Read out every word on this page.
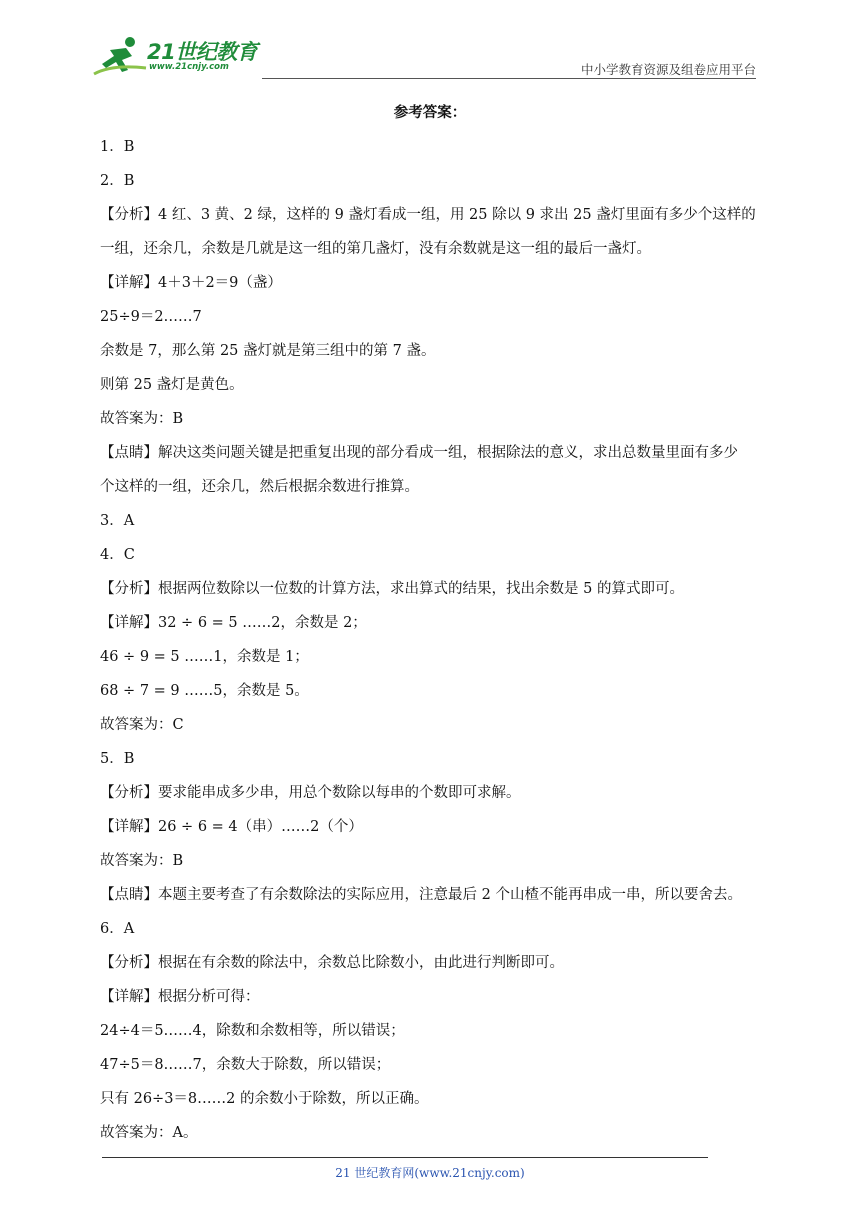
21世纪教育
www.21cnjy.com	中小学教育资源及组卷应用平台
参考答案：
1．B
2．B
【分析】4 红、3 黄、2 绿，这样的 9 盏灯看成一组，用 25 除以 9 求出 25 盏灯里面有多少个这样的
一组，还余几，余数是几就是这一组的第几盏灯，没有余数就是这一组的最后一盏灯。
【详解】4＋3＋2＝9（盏）
25÷9＝2……7
余数是 7，那么第 25 盏灯就是第三组中的第 7 盏。
则第 25 盏灯是黄色。
故答案为：B
【点睛】解决这类问题关键是把重复出现的部分看成一组，根据除法的意义，求出总数量里面有多少
个这样的一组，还余几，然后根据余数进行推算。
3．A
4．C
【分析】根据两位数除以一位数的计算方法，求出算式的结果，找出余数是 5 的算式即可。
【详解】32 ÷ 6 = 5 ……2，余数是 2；
46 ÷ 9 = 5 ……1，余数是 1；
68 ÷ 7 = 9 ……5，余数是 5。
故答案为：C
5．B
【分析】要求能串成多少串，用总个数除以每串的个数即可求解。
【详解】26 ÷ 6 = 4（串）……2（个）
故答案为：B
【点睛】本题主要考查了有余数除法的实际应用，注意最后 2 个山楂不能再串成一串，所以要舍去。
6．A
【分析】根据在有余数的除法中，余数总比除数小，由此进行判断即可。
【详解】根据分析可得：
24÷4＝5……4，除数和余数相等，所以错误；
47÷5＝8……7，余数大于除数，所以错误；
只有 26÷3＝8……2 的余数小于除数，所以正确。
故答案为：A。
21 世纪教育网(www.21cnjy.com)
